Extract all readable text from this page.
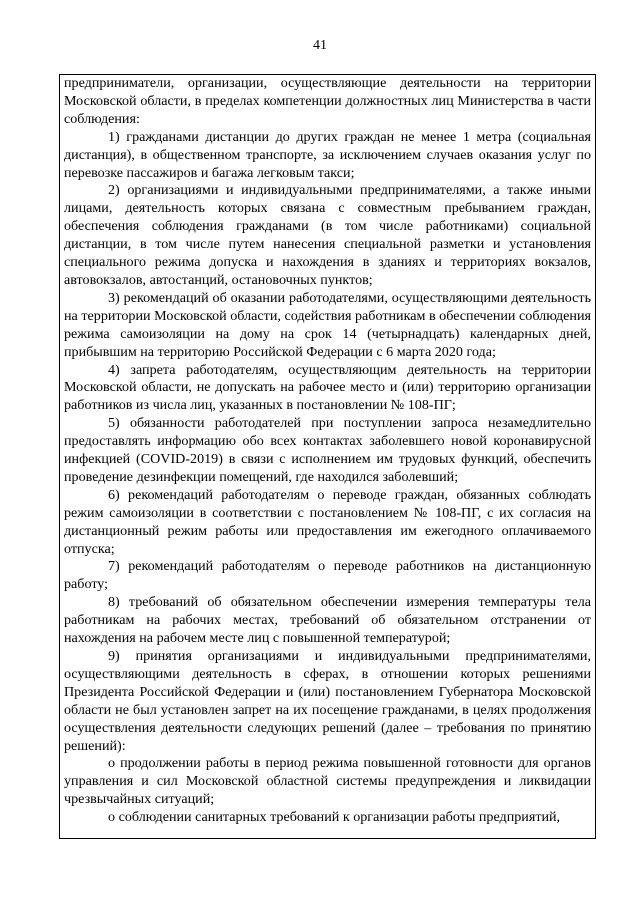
41

предприниматели, организации, осуществляющие деятельности на территории Московской области, в пределах компетенции должностных лиц Министерства в части соблюдения:

1) гражданами дистанции до других граждан не менее 1 метра (социальная дистанция), в общественном транспорте, за исключением случаев оказания услуг по перевозке пассажиров и багажа легковым такси;

2) организациями и индивидуальными предпринимателями, а также иными лицами, деятельность которых связана с совместным пребыванием граждан, обеспечения соблюдения гражданами (в том числе работниками) социальной дистанции, в том числе путем нанесения специальной разметки и установления специального режима допуска и нахождения в зданиях и территориях вокзалов, автовокзалов, автостанций, остановочных пунктов;

3) рекомендаций об оказании работодателями, осуществляющими деятельность на территории Московской области, содействия работникам в обеспечении соблюдения режима самоизоляции на дому на срок 14 (четырнадцать) календарных дней, прибывшим на территорию Российской Федерации с 6 марта 2020 года;

4) запрета работодателям, осуществляющим деятельность на территории Московской области, не допускать на рабочее место и (или) территорию организации работников из числа лиц, указанных в постановлении № 108-ПГ;

5) обязанности работодателей при поступлении запроса незамедлительно предоставлять информацию обо всех контактах заболевшего новой коронавирусной инфекцией (COVID-2019) в связи с исполнением им трудовых функций, обеспечить проведение дезинфекции помещений, где находился заболевший;

6) рекомендаций работодателям о переводе граждан, обязанных соблюдать режим самоизоляции в соответствии с постановлением № 108-ПГ, с их согласия на дистанционный режим работы или предоставления им ежегодного оплачиваемого отпуска;

7) рекомендаций работодателям о переводе работников на дистанционную работу;

8) требований об обязательном обеспечении измерения температуры тела работникам на рабочих местах, требований об обязательном отстранении от нахождения на рабочем месте лиц с повышенной температурой;

9) принятия организациями и индивидуальными предпринимателями, осуществляющими деятельность в сферах, в отношении которых решениями Президента Российской Федерации и (или) постановлением Губернатора Московской области не был установлен запрет на их посещение гражданами, в целях продолжения осуществления деятельности следующих решений (далее – требования по принятию решений):

о продолжении работы в период режима повышенной готовности для органов управления и сил Московской областной системы предупреждения и ликвидации чрезвычайных ситуаций;

о соблюдении санитарных требований к организации работы предприятий,
